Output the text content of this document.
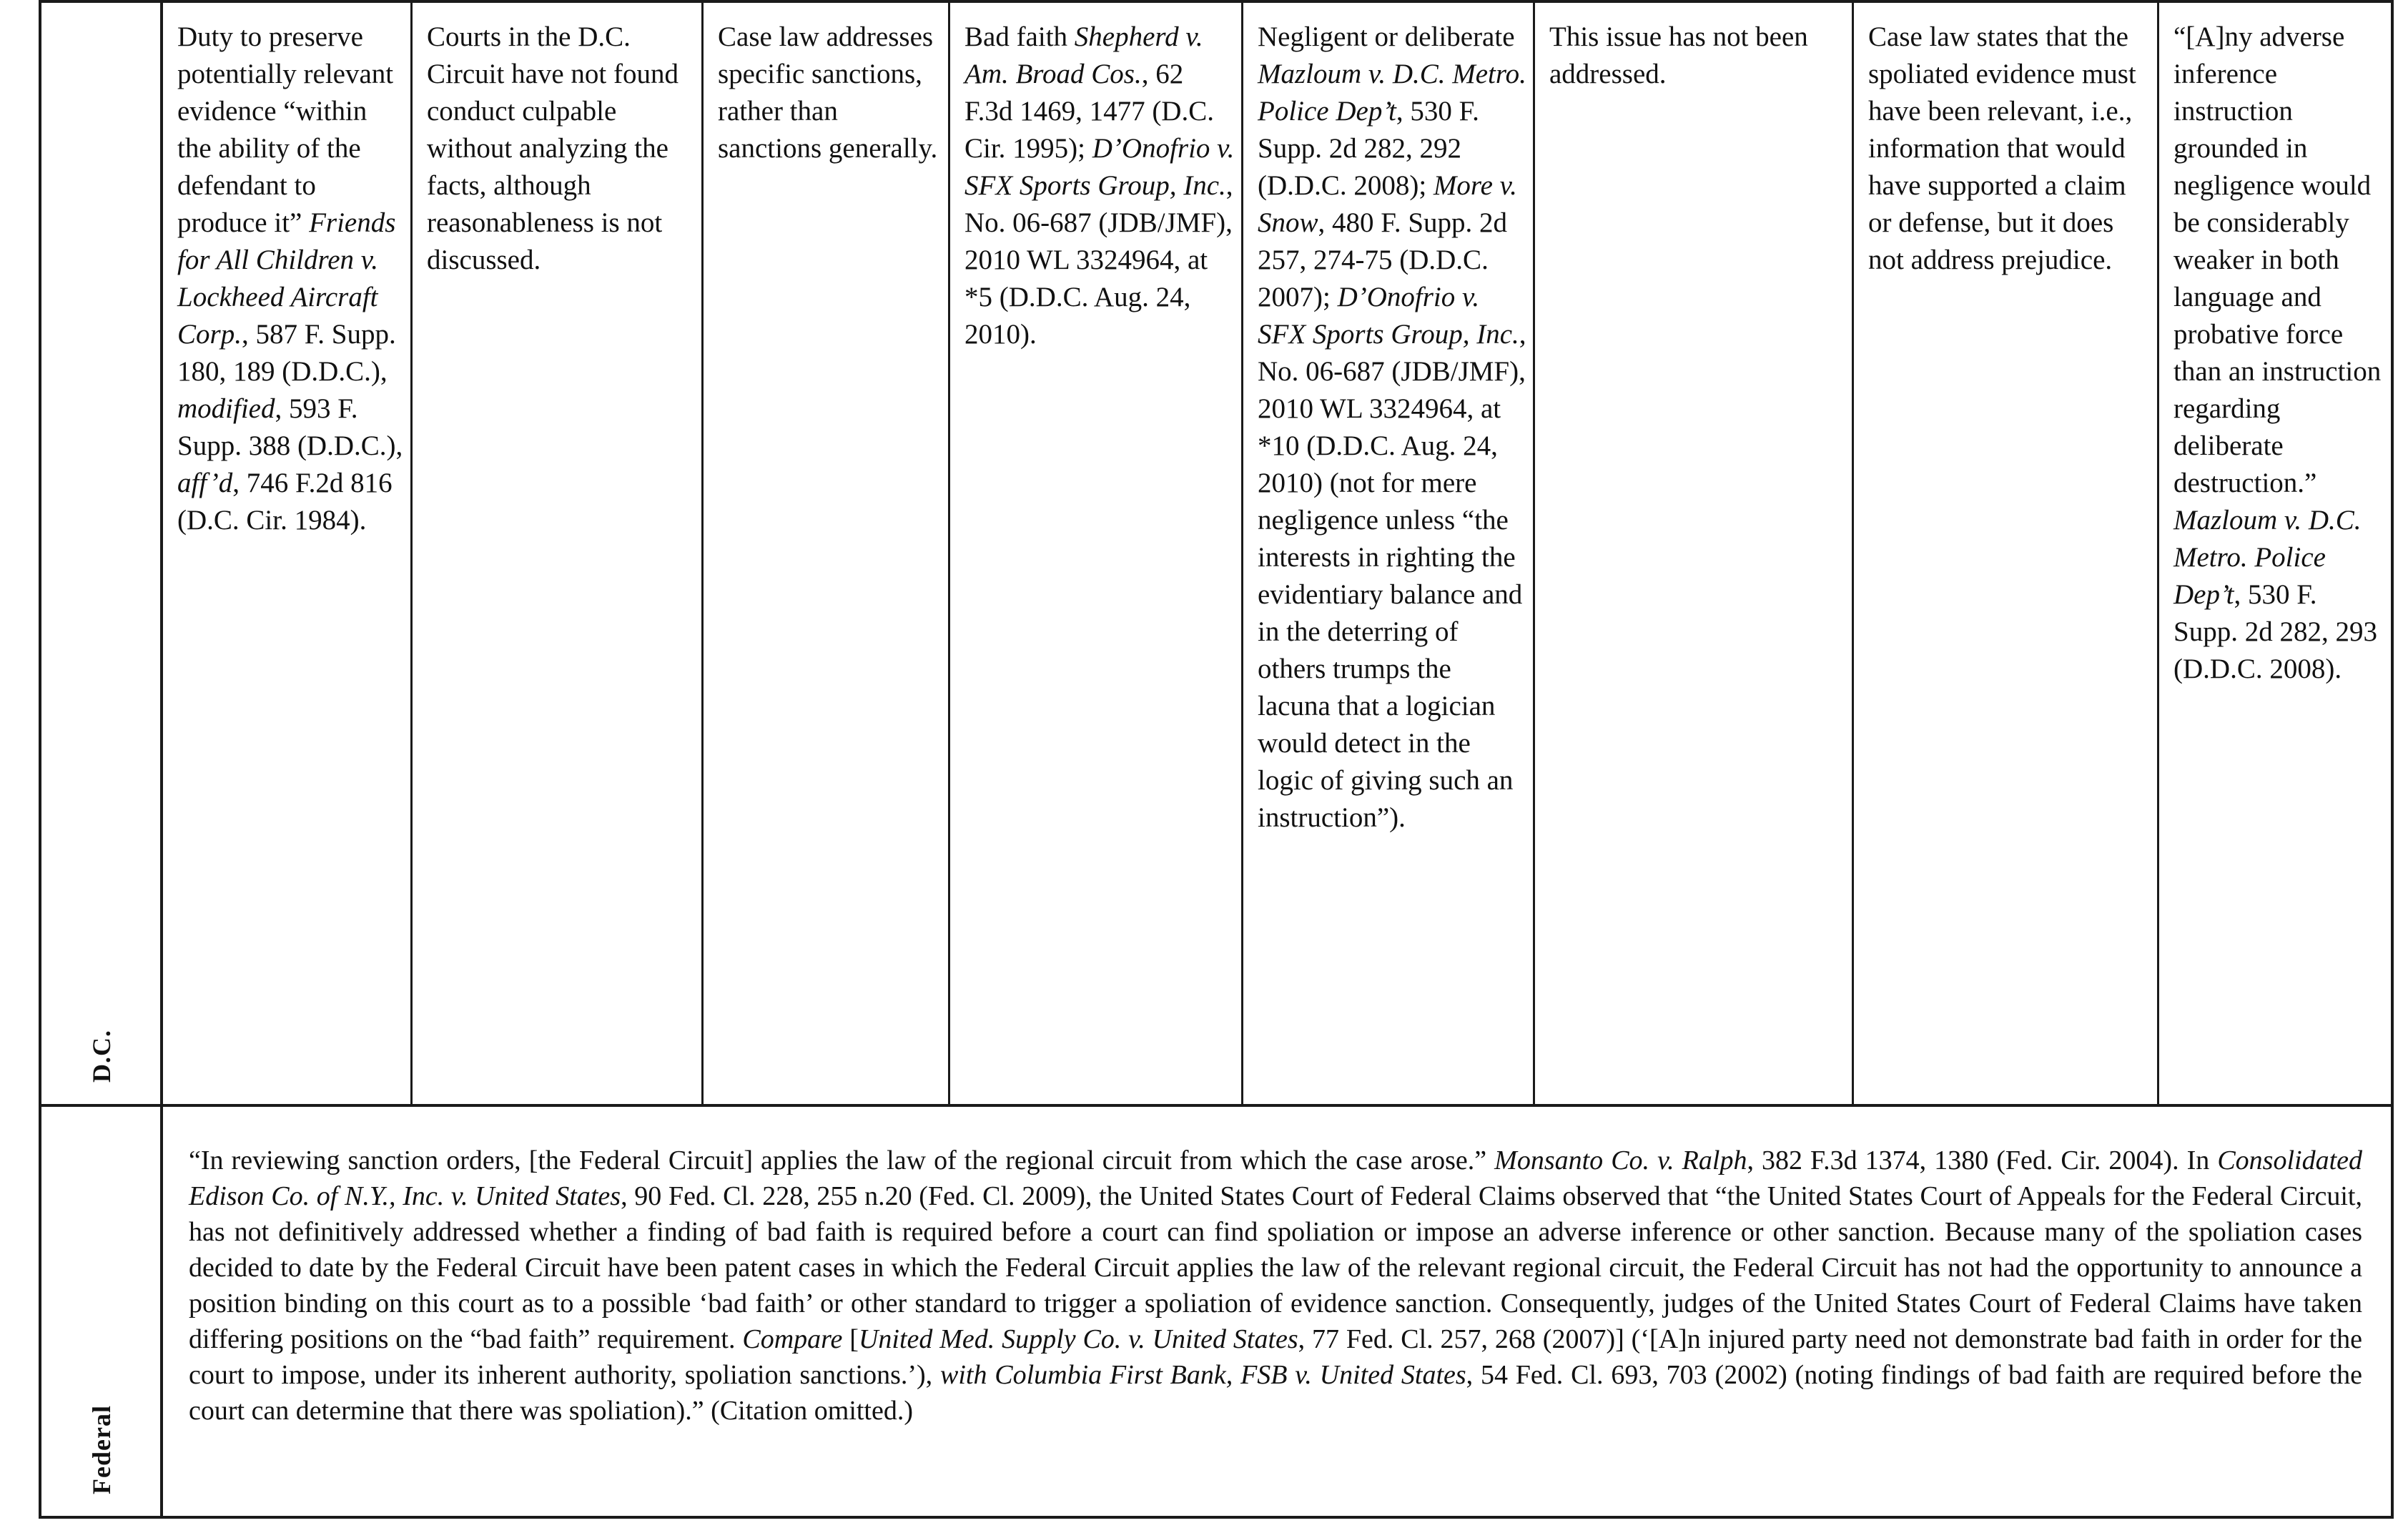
D.C.

Duty to preserve potentially relevant evidence “within the ability of the defendant to produce it” Friends for All Children v. Lockheed Aircraft Corp., 587 F. Supp. 180, 189 (D.D.C.), modified, 593 F. Supp. 388 (D.D.C.), aff’d, 746 F.2d 816 (D.C. Cir. 1984).

Courts in the D.C. Circuit have not found conduct culpable without analyzing the facts, although reasonableness is not discussed.

Case law addresses specific sanctions, rather than sanctions generally.

Bad faith Shepherd v. Am. Broad Cos., 62 F.3d 1469, 1477 (D.C. Cir. 1995); D’Onofrio v. SFX Sports Group, Inc., No. 06-687 (JDB/JMF), 2010 WL 3324964, at *5 (D.D.C. Aug. 24, 2010).

Negligent or deliberate Mazloum v. D.C. Metro. Police Dep’t, 530 F. Supp. 2d 282, 292 (D.D.C. 2008); More v. Snow, 480 F. Supp. 2d 257, 274-75 (D.D.C. 2007); D’Onofrio v. SFX Sports Group, Inc., No. 06-687 (JDB/JMF), 2010 WL 3324964, at *10 (D.D.C. Aug. 24, 2010) (not for mere negligence unless “the interests in righting the evidentiary balance and in the deterring of others trumps the lacuna that a logician would detect in the logic of giving such an instruction”).

This issue has not been addressed.

Case law states that the spoliated evidence must have been relevant, i.e., information that would have supported a claim or defense, but it does not address prejudice.

“[A]ny adverse inference instruction grounded in negligence would be considerably weaker in both language and probative force than an instruction regarding deliberate destruction.” Mazloum v. D.C. Metro. Police Dep’t, 530 F. Supp. 2d 282, 293 (D.D.C. 2008).

Federal
“In reviewing sanction orders, [the Federal Circuit] applies the law of the regional circuit from which the case arose.” Monsanto Co. v. Ralph, 382 F.3d 1374, 1380 (Fed. Cir. 2004). In Consolidated Edison Co. of N.Y., Inc. v. United States, 90 Fed. Cl. 228, 255 n.20 (Fed. Cl. 2009), the United States Court of Federal Claims observed that “the United States Court of Appeals for the Federal Circuit, has not definitively addressed whether a finding of bad faith is required before a court can find spoliation or impose an adverse inference or other sanction. Because many of the spoliation cases decided to date by the Federal Circuit have been patent cases in which the Federal Circuit applies the law of the relevant regional circuit, the Federal Circuit has not had the opportunity to announce a position binding on this court as to a possible ‘bad faith’ or other standard to trigger a spoliation of evidence sanction. Consequently, judges of the United States Court of Federal Claims have taken differing positions on the “bad faith” requirement. Compare [United Med. Supply Co. v. United States, 77 Fed. Cl. 257, 268 (2007)] (‘[A]n injured party need not demonstrate bad faith in order for the court to impose, under its inherent authority, spoliation sanctions.’), with Columbia First Bank, FSB v. United States, 54 Fed. Cl. 693, 703 (2002) (noting findings of bad faith are required before the court can determine that there was spoliation).” (Citation omitted.)
